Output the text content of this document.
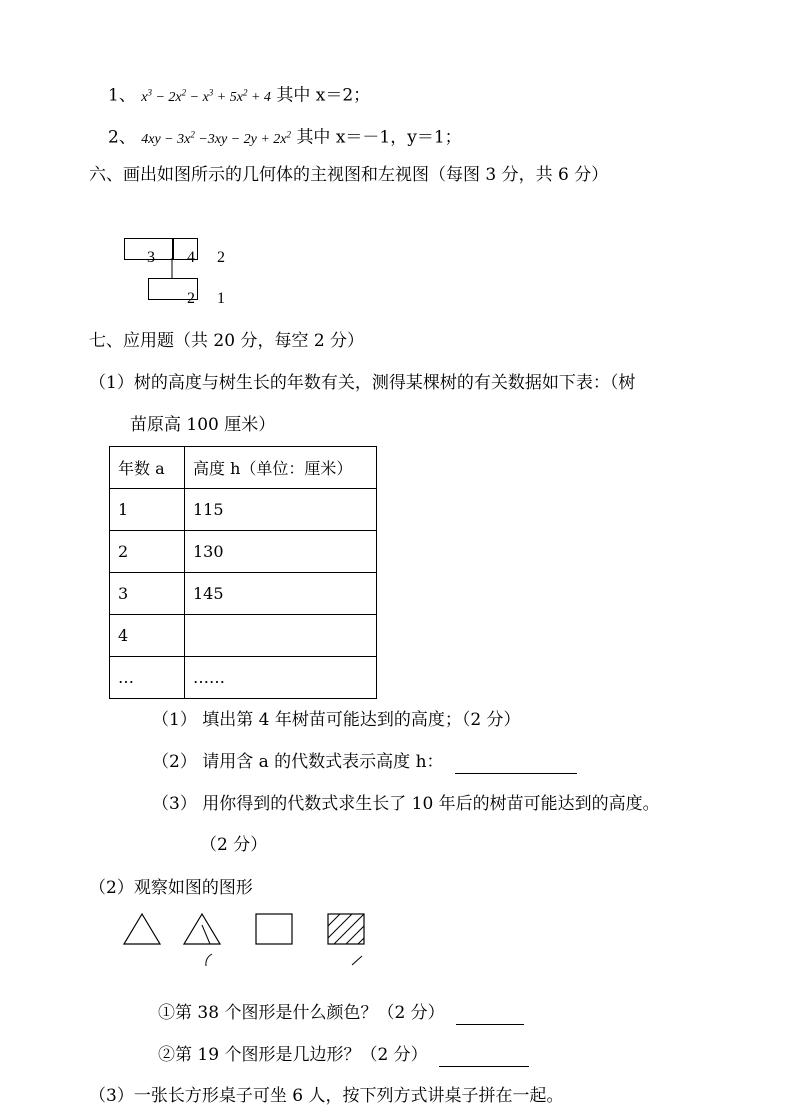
1、 $x^3 - 2x^2 - x^3 + 5x^2 + 4$ 其中 x＝2；
2、 $4xy - 3x^2 -3xy - 2y + 2x^2$ 其中 x＝－1，y＝1；
六、画出如图所示的几何体的主视图和左视图（每图 3 分，共 6 分）
3 4 2
2 1
七、应用题（共 20 分，每空 2 分）
（1）树的高度与树生长的年数有关，测得某棵树的有关数据如下表：（树
苗原高 100 厘米）
年数 a	高度 h（单位：厘米）
1	115
2	130
3	145
4	
…	……
（1） 填出第 4 年树苗可能达到的高度；（2 分）
（2） 请用含 a 的代数式表示高度 h：
（3） 用你得到的代数式求生长了 10 年后的树苗可能达到的高度。
（2 分）
（2）观察如图的图形
①第 38 个图形是什么颜色？（2 分）
②第 19 个图形是几边形？（2 分）
（3）一张长方形桌子可坐 6 人，按下列方式讲桌子拼在一起。
